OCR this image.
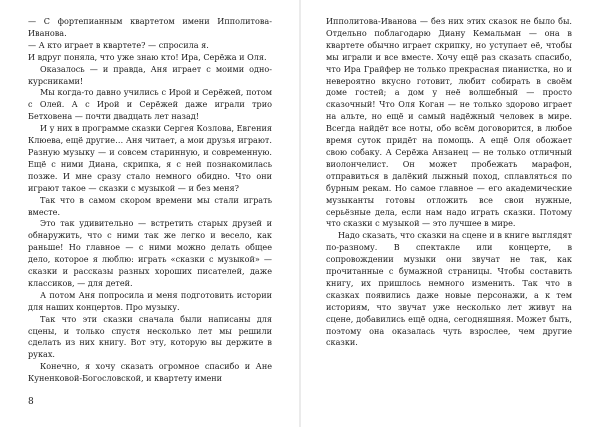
— С фортепианным квартетом имени Ипполитова-Иванова.

— А кто играет в квартете? — спросила я.

И вдруг поняла, что уже знаю кто! Ира, Серёжа и Оля.

Оказалось — и правда, Аня играет с моими одно-курсниками!

Мы когда-то давно учились с Ирой и Серёжей, потом с Олей. А с Ирой и Серёжей даже играли трио Бетховена — почти двадцать лет назад!

И у них в программе сказки Сергея Козлова, Евгения Клюева, ещё другие… Аня читает, а мои друзья играют. Разную музыку — и совсем старинную, и современную. Ещё с ними Диана, скрипка, я с ней познакомилась позже. И мне сразу стало немного обидно. Что они играют такое — сказки с музыкой — и без меня?

Так что в самом скором времени мы стали играть вместе.

Это так удивительно — встретить старых друзей и обнаружить, что с ними так же легко и весело, как раньше! Но главное — с ними можно делать общее дело, которое я люблю: играть «сказки с музыкой» — сказки и рассказы разных хороших писателей, даже классиков, — для детей.

А потом Аня попросила и меня подготовить истории для наших концертов. Про музыку.

Так что эти сказки сначала были написаны для сцены, и только спустя несколько лет мы решили сделать из них книгу. Вот эту, которую вы держите в руках.

Конечно, я хочу сказать огромное спасибо и Ане Куненковой-Богословской, и квартету имени

8

Ипполитова-Иванова — без них этих сказок не было бы. Отдельно поблагодарю Диану Кемальман — она в квартете обычно играет скрипку, но уступает её, чтобы мы играли и все вместе. Хочу ещё раз сказать спасибо, что Ира Грайфер не только прекрасная пианистка, но и невероятно вкусно готовит, любит собирать в своём доме гостей; а дом у неё волшебный — просто сказочный! Что Оля Коган — не только здорово играет на альте, но ещё и самый надёжный человек в мире. Всегда найдёт все ноты, обо всём договорится, в любое время суток придёт на помощь. А ещё Оля обожает свою собаку. А Серёжа Анзанец — не только отличный виолончелист. Он может пробежать марафон, отправиться в далёкий лыжный поход, сплавляться по бурным рекам. Но самое главное — его академические музыканты готовы отложить все свои нужные, серьёзные дела, если нам надо играть сказки. Потому что сказки с музыкой — это лучшее в мире.

Надо сказать, что сказки на сцене и в книге выглядят по-разному. В спектакле или концерте, в сопровождении музыки они звучат не так, как прочитанные с бумажной страницы. Чтобы составить книгу, их пришлось немного изменить. Так что в сказках появились даже новые персонажи, а к тем историям, что звучат уже несколько лет живут на сцене, добавились ещё одна, сегодняшняя. Может быть, поэтому она оказалась чуть взрослее, чем другие сказки.
